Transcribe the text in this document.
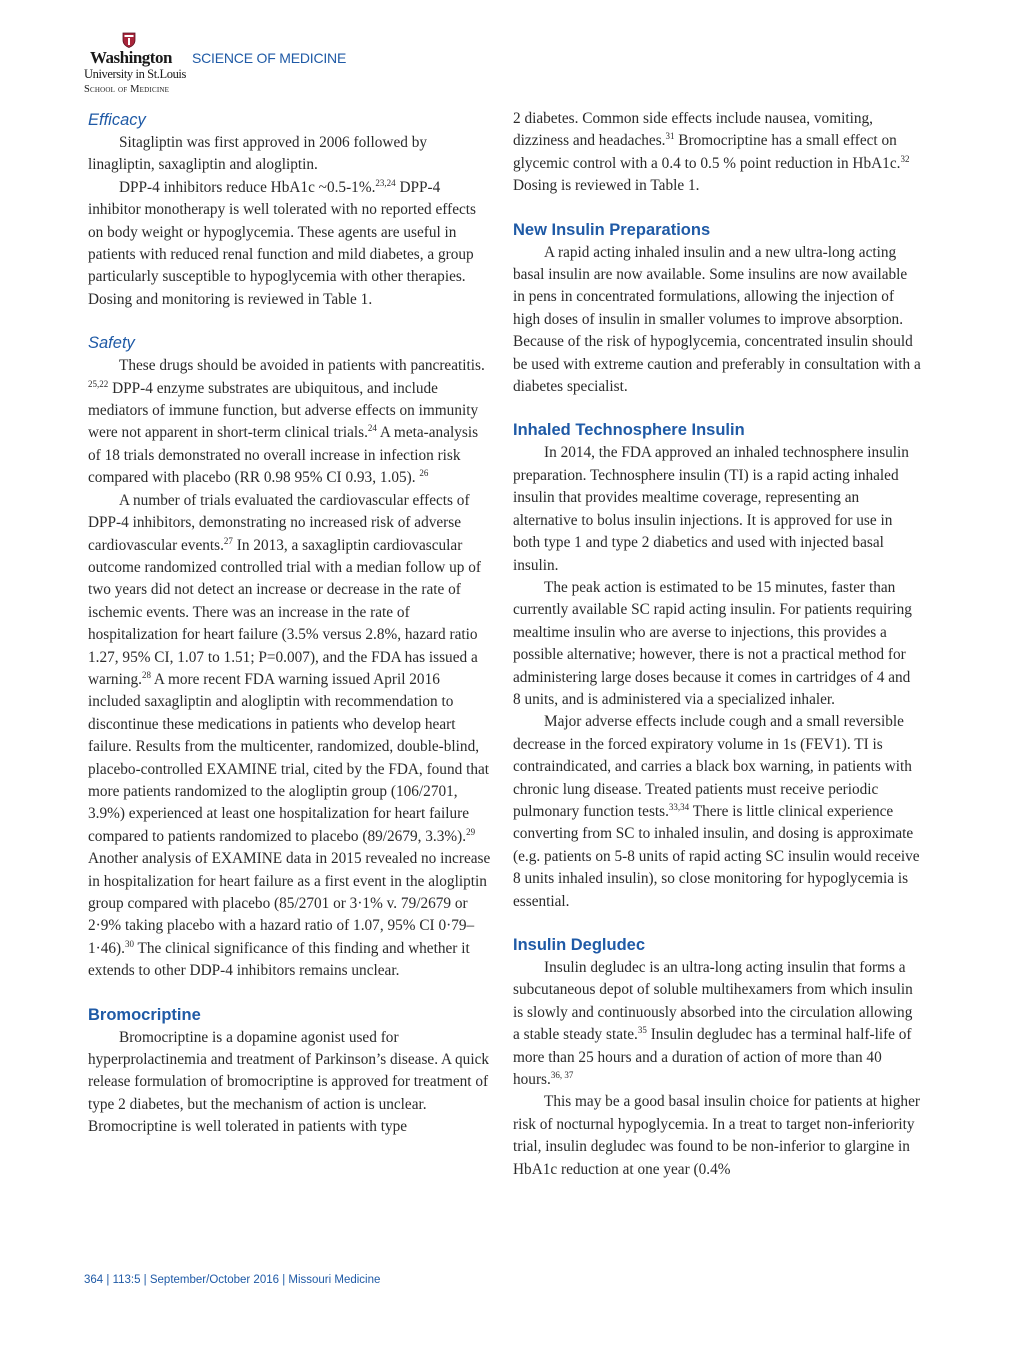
Washington
University in St.Louis
School of Medicine
SCIENCE OF MEDICINE
Efficacy

Sitagliptin was first approved in 2006 followed by linagliptin, saxagliptin and alogliptin.

DPP-4 inhibitors reduce HbA1c ~0.5-1%.$^{23,24}$ DPP-4 inhibitor monotherapy is well tolerated with no reported effects on body weight or hypoglycemia. These agents are useful in patients with reduced renal function and mild diabetes, a group particularly susceptible to hypoglycemia with other therapies. Dosing and monitoring is reviewed in Table 1.

Safety

These drugs should be avoided in patients with pancreatitis. $^{25,22}$ DPP-4 enzyme substrates are ubiquitous, and include mediators of immune function, but adverse effects on immunity were not apparent in short-term clinical trials.$^{24}$ A meta-analysis of 18 trials demonstrated no overall increase in infection risk compared with placebo (RR 0.98 95% CI 0.93, 1.05). $^{26}$

A number of trials evaluated the cardiovascular effects of DPP-4 inhibitors, demonstrating no increased risk of adverse cardiovascular events.$^{27}$ In 2013, a saxagliptin cardiovascular outcome randomized controlled trial with a median follow up of two years did not detect an increase or decrease in the rate of ischemic events. There was an increase in the rate of hospitalization for heart failure (3.5% versus 2.8%, hazard ratio 1.27, 95% CI, 1.07 to 1.51; P=0.007), and the FDA has issued a warning.$^{28}$ A more recent FDA warning issued April 2016 included saxagliptin and alogliptin with recommendation to discontinue these medications in patients who develop heart failure. Results from the multicenter, randomized, double-blind, placebo-controlled EXAMINE trial, cited by the FDA, found that more patients randomized to the alogliptin group (106/2701, 3.9%) experienced at least one hospitalization for heart failure compared to patients randomized to placebo (89/2679, 3.3%).$^{29}$ Another analysis of EXAMINE data in 2015 revealed no increase in hospitalization for heart failure as a first event in the alogliptin group compared with placebo (85/2701 or 3·1% v. 79/2679 or 2·9% taking placebo with a hazard ratio of 1.07, 95% CI 0·79–1·46).$^{30}$ The clinical significance of this finding and whether it extends to other DDP-4 inhibitors remains unclear.

Bromocriptine

Bromocriptine is a dopamine agonist used for hyperprolactinemia and treatment of Parkinson’s disease. A quick release formulation of bromocriptine is approved for treatment of type 2 diabetes, but the mechanism of action is unclear. Bromocriptine is well tolerated in patients with type

2 diabetes. Common side effects include nausea, vomiting, dizziness and headaches.$^{31}$ Bromocriptine has a small effect on glycemic control with a 0.4 to 0.5 % point reduction in HbA1c.$^{32}$ Dosing is reviewed in Table 1.

New Insulin Preparations

A rapid acting inhaled insulin and a new ultra-long acting basal insulin are now available. Some insulins are now available in pens in concentrated formulations, allowing the injection of high doses of insulin in smaller volumes to improve absorption. Because of the risk of hypoglycemia, concentrated insulin should be used with extreme caution and preferably in consultation with a diabetes specialist.

Inhaled Technosphere Insulin

In 2014, the FDA approved an inhaled technosphere insulin preparation. Technosphere insulin (TI) is a rapid acting inhaled insulin that provides mealtime coverage, representing an alternative to bolus insulin injections. It is approved for use in both type 1 and type 2 diabetics and used with injected basal insulin.

The peak action is estimated to be 15 minutes, faster than currently available SC rapid acting insulin. For patients requiring mealtime insulin who are averse to injections, this provides a possible alternative; however, there is not a practical method for administering large doses because it comes in cartridges of 4 and 8 units, and is administered via a specialized inhaler.

Major adverse effects include cough and a small reversible decrease in the forced expiratory volume in 1s (FEV1). TI is contraindicated, and carries a black box warning, in patients with chronic lung disease. Treated patients must receive periodic pulmonary function tests.$^{33,34}$ There is little clinical experience converting from SC to inhaled insulin, and dosing is approximate (e.g. patients on 5-8 units of rapid acting SC insulin would receive 8 units inhaled insulin), so close monitoring for hypoglycemia is essential.

Insulin Degludec

Insulin degludec is an ultra-long acting insulin that forms a subcutaneous depot of soluble multihexamers from which insulin is slowly and continuously absorbed into the circulation allowing a stable steady state.$^{35}$ Insulin degludec has a terminal half-life of more than 25 hours and a duration of action of more than 40 hours.$^{36, 37}$

This may be a good basal insulin choice for patients at higher risk of nocturnal hypoglycemia. In a treat to target non-inferiority trial, insulin degludec was found to be non-inferior to glargine in HbA1c reduction at one year (0.4%

364 | 113:5 | September/October 2016 | Missouri Medicine
